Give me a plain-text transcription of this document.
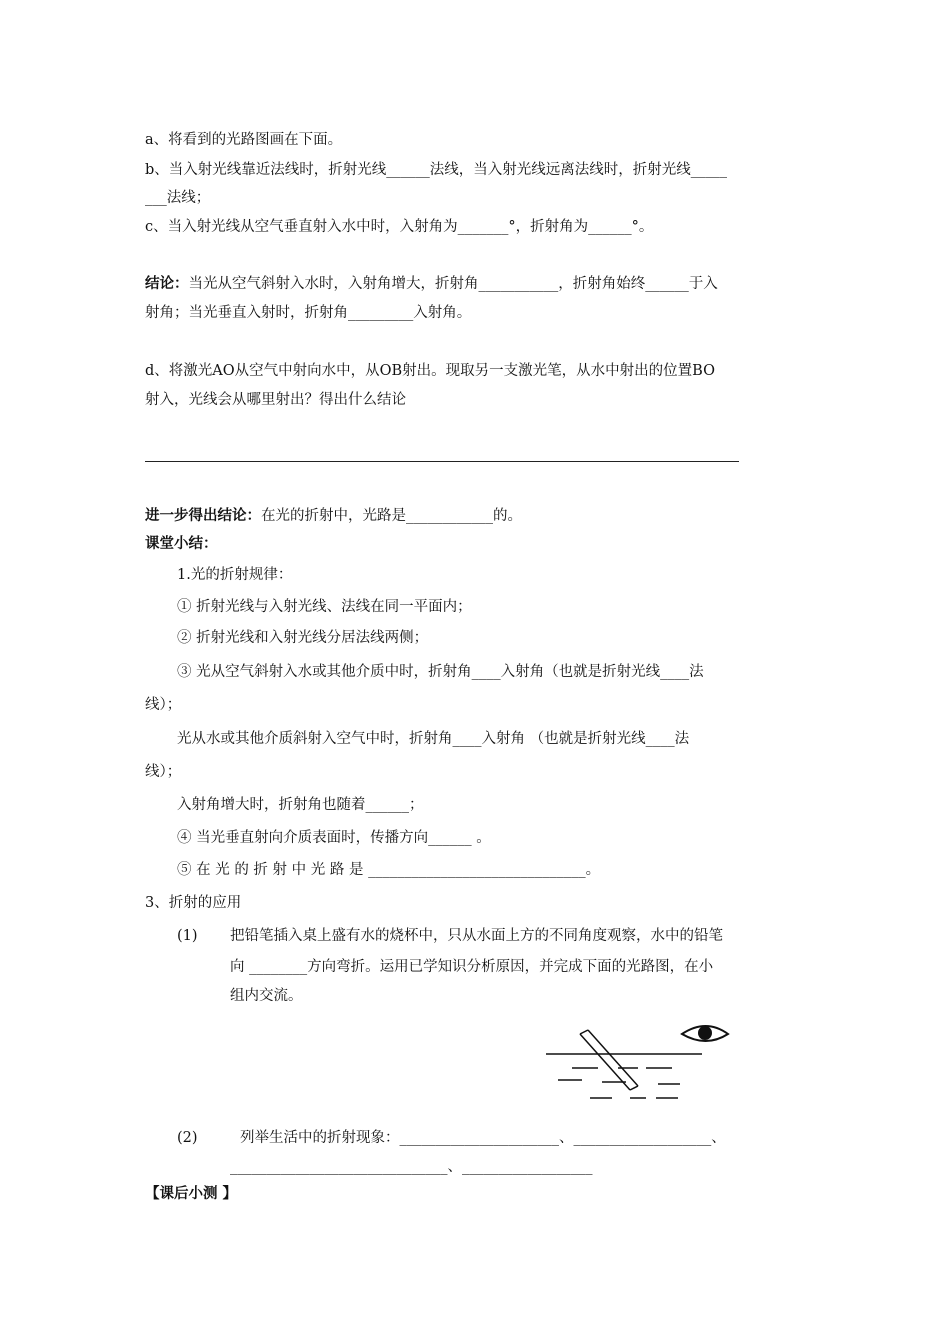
a、将看到的光路图画在下面。
b、当入射光线靠近法线时，折射光线______法线，当入射光线远离法线时，折射光线_____
___法线；
c、当入射光线从空气垂直射入水中时，入射角为_______°，折射角为______°。
结论：当光从空气斜射入水时，入射角增大，折射角___________，折射角始终______于入
射角；当光垂直入射时，折射角_________入射角。
d、将激光AO从空气中射向水中，从OB射出。现取另一支激光笔，从水中射出的位置BO
射入，光线会从哪里射出？得出什么结论
进一步得出结论：在光的折射中，光路是____________的。
课堂小结：
1.光的折射规律：
① 折射光线与入射光线、法线在同一平面内；
② 折射光线和入射光线分居法线两侧；
③ 光从空气斜射入水或其他介质中时，折射角____入射角（也就是折射光线____法
线）；
光从水或其他介质斜射入空气中时，折射角____入射角 （也就是折射光线____法
线）；
入射角增大时，折射角也随着______；
④ 当光垂直射向介质表面时，传播方向______ 。
⑤ 在 光 的 折 射 中 光 路 是 ______________________________。
3、折射的应用
(1) 把铅笔插入桌上盛有水的烧杯中，只从水面上方的不同角度观察，水中的铅笔
向 ________方向弯折。运用已学知识分析原因，并完成下面的光路图，在小
组内交流。
(2)	列举生活中的折射现象：______________________、___________________、
______________________________、__________________
【课后小测 】
